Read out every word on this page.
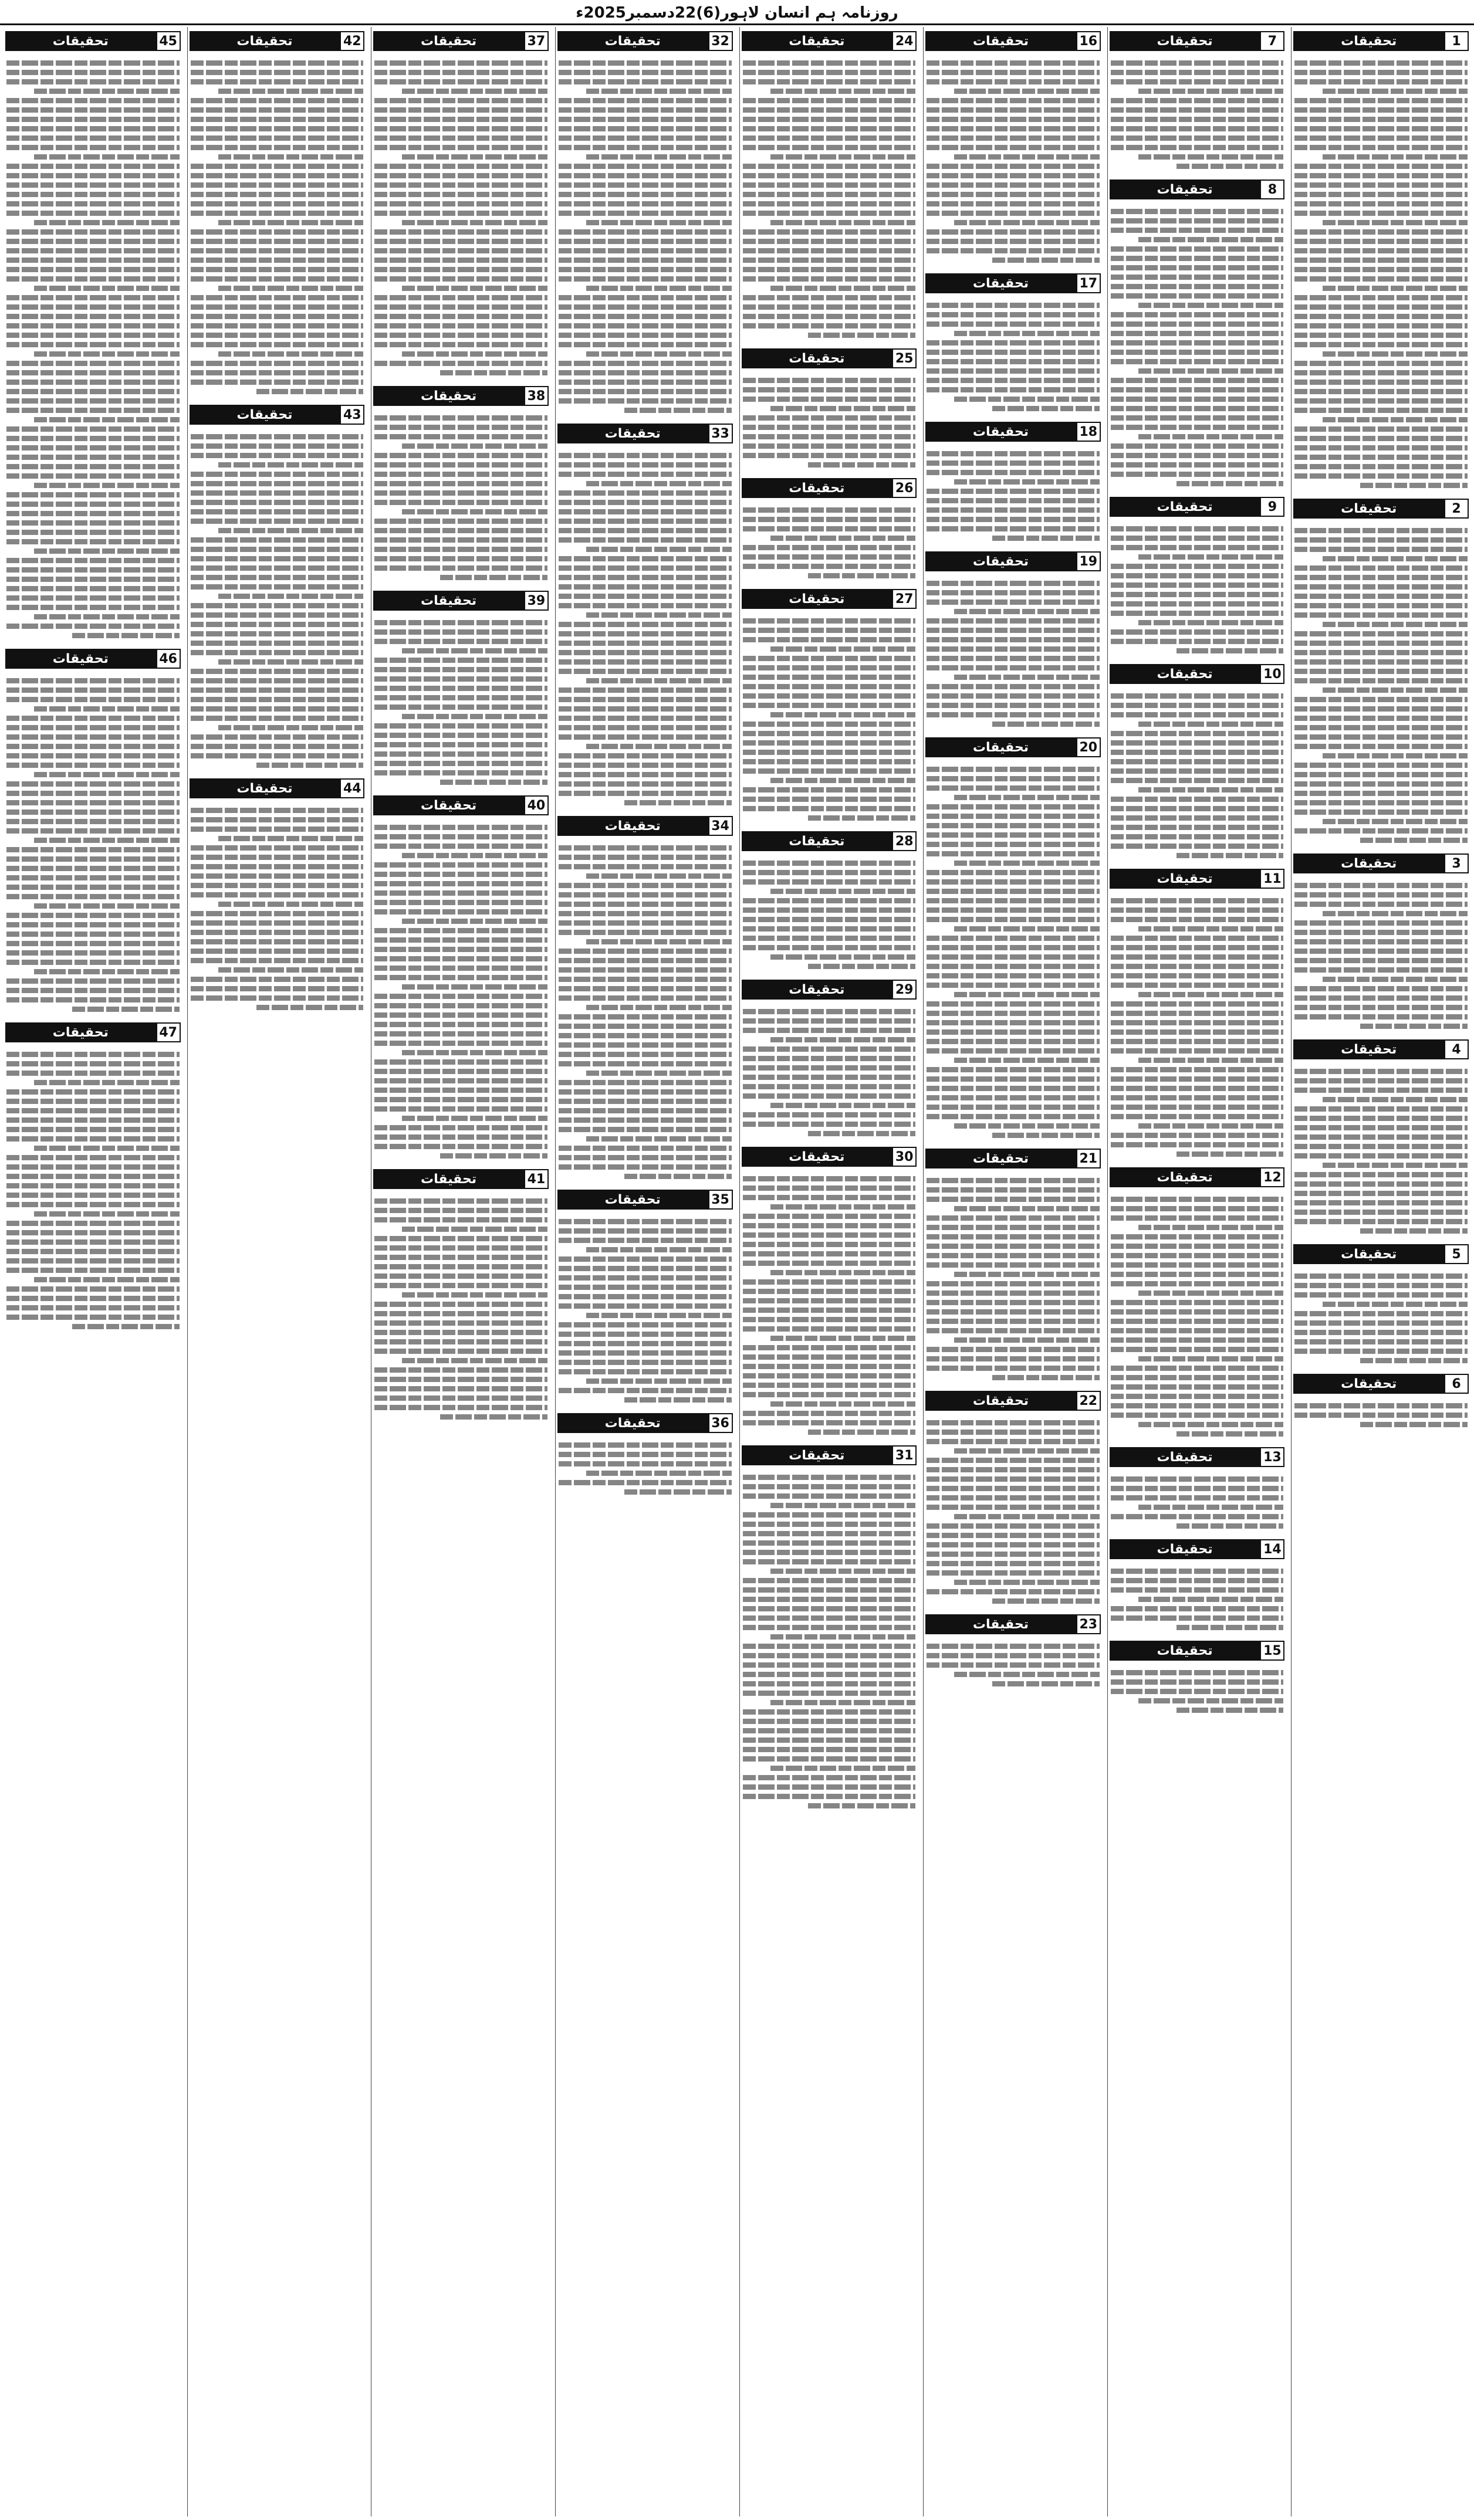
روزنامہ ہم انسان لاہور(6)22دسمبر2025ء
1
تحقیقات
2
تحقیقات
3
تحقیقات
4
تحقیقات
5
تحقیقات
6
تحقیقات
7
تحقیقات
8
تحقیقات
9
تحقیقات
10
تحقیقات
11
تحقیقات
12
تحقیقات
13
تحقیقات
14
تحقیقات
15
تحقیقات
16
تحقیقات
17
تحقیقات
18
تحقیقات
19
تحقیقات
20
تحقیقات
21
تحقیقات
22
تحقیقات
23
تحقیقات
24
تحقیقات
25
تحقیقات
26
تحقیقات
27
تحقیقات
28
تحقیقات
29
تحقیقات
30
تحقیقات
31
تحقیقات
32
تحقیقات
33
تحقیقات
34
تحقیقات
35
تحقیقات
36
تحقیقات
37
تحقیقات
38
تحقیقات
39
تحقیقات
40
تحقیقات
41
تحقیقات
42
تحقیقات
43
تحقیقات
44
تحقیقات
45
تحقیقات
46
تحقیقات
47
تحقیقات
